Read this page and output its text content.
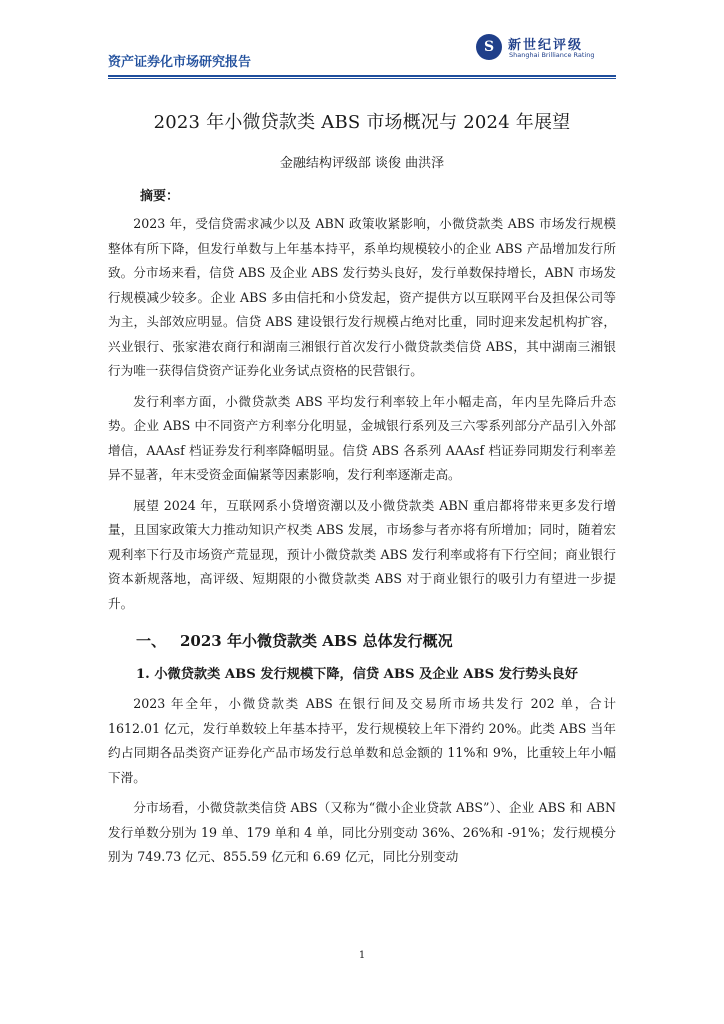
资产证券化市场研究报告
S	新世纪评级
Shanghai Brilliance Rating
2023 年小微贷款类 ABS 市场概况与 2024 年展望
金融结构评级部 谈俊 曲洪泽
摘要：

2023 年，受信贷需求减少以及 ABN 政策收紧影响，小微贷款类 ABS 市场发行规模整体有所下降，但发行单数与上年基本持平，系单均规模较小的企业 ABS 产品增加发行所致。分市场来看，信贷 ABS 及企业 ABS 发行势头良好，发行单数保持增长，ABN 市场发行规模减少较多。企业 ABS 多由信托和小贷发起，资产提供方以互联网平台及担保公司等为主，头部效应明显。信贷 ABS 建设银行发行规模占绝对比重，同时迎来发起机构扩容，兴业银行、张家港农商行和湖南三湘银行首次发行小微贷款类信贷 ABS，其中湖南三湘银行为唯一获得信贷资产证券化业务试点资格的民营银行。

发行利率方面，小微贷款类 ABS 平均发行利率较上年小幅走高，年内呈先降后升态势。企业 ABS 中不同资产方利率分化明显，金城银行系列及三六零系列部分产品引入外部增信，AAAsf 档证券发行利率降幅明显。信贷 ABS 各系列 AAAsf 档证券同期发行利率差异不显著，年末受资金面偏紧等因素影响，发行利率逐渐走高。

展望 2024 年，互联网系小贷增资潮以及小微贷款类 ABN 重启都将带来更多发行增量，且国家政策大力推动知识产权类 ABS 发展，市场参与者亦将有所增加；同时，随着宏观利率下行及市场资产荒显现，预计小微贷款类 ABS 发行利率或将有下行空间；商业银行资本新规落地，高评级、短期限的小微贷款类 ABS 对于商业银行的吸引力有望进一步提升。

一、 2023 年小微贷款类 ABS 总体发行概况
1. 小微贷款类 ABS 发行规模下降，信贷 ABS 及企业 ABS 发行势头良好

2023 年全年，小微贷款类 ABS 在银行间及交易所市场共发行 202 单，合计 1612.01 亿元，发行单数较上年基本持平，发行规模较上年下滑约 20%。此类 ABS 当年约占同期各品类资产证券化产品市场发行总单数和总金额的 11%和 9%，比重较上年小幅下滑。

分市场看，小微贷款类信贷 ABS（又称为“微小企业贷款 ABS”）、企业 ABS 和 ABN 发行单数分别为 19 单、179 单和 4 单，同比分别变动 36%、26%和 -91%；发行规模分别为 749.73 亿元、855.59 亿元和 6.69 亿元，同比分别变动

1
